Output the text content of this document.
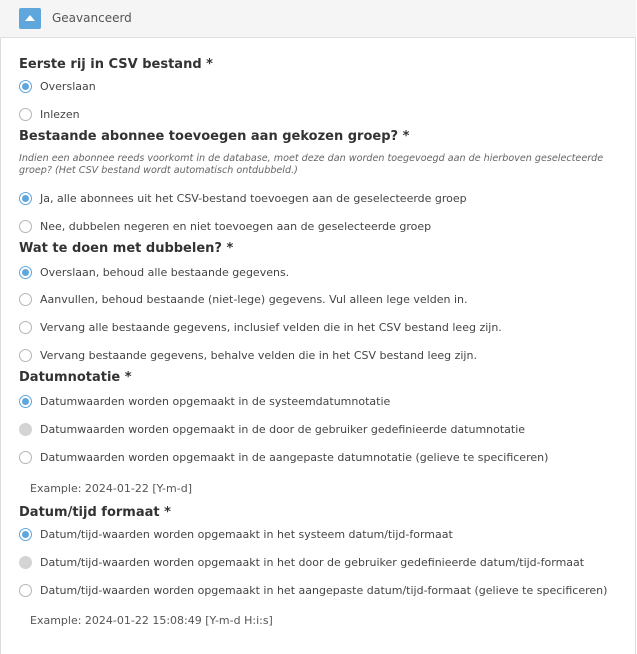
Geavanceerd
Eerste rij in CSV bestand *
Overslaan
Inlezen
Bestaande abonnee toevoegen aan gekozen groep? *
Indien een abonnee reeds voorkomt in de database, moet deze dan worden toegevoegd aan de hierboven geselecteerde groep? (Het CSV bestand wordt automatisch ontdubbeld.)
Ja, alle abonnees uit het CSV-bestand toevoegen aan de geselecteerde groep
Nee, dubbelen negeren en niet toevoegen aan de geselecteerde groep
Wat te doen met dubbelen? *
Overslaan, behoud alle bestaande gegevens.
Aanvullen, behoud bestaande (niet-lege) gegevens. Vul alleen lege velden in.
Vervang alle bestaande gegevens, inclusief velden die in het CSV bestand leeg zijn.
Vervang bestaande gegevens, behalve velden die in het CSV bestand leeg zijn.
Datumnotatie *
Datumwaarden worden opgemaakt in de systeemdatumnotatie
Datumwaarden worden opgemaakt in de door de gebruiker gedefinieerde datumnotatie
Datumwaarden worden opgemaakt in de aangepaste datumnotatie (gelieve te specificeren)
Example: 2024-01-22 [Y-m-d]
Datum/tijd formaat *
Datum/tijd-waarden worden opgemaakt in het systeem datum/tijd-formaat
Datum/tijd-waarden worden opgemaakt in het door de gebruiker gedefinieerde datum/tijd-formaat
Datum/tijd-waarden worden opgemaakt in het aangepaste datum/tijd-formaat (gelieve te specificeren)
Example: 2024-01-22 15:08:49 [Y-m-d H:i:s]
